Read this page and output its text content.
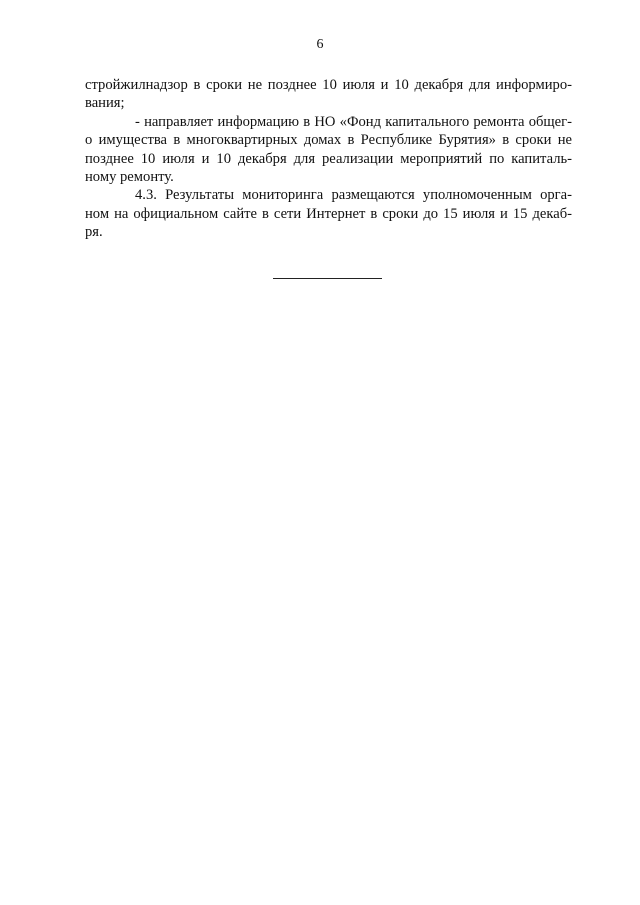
6
стройжилнадзор в сроки не позднее 10 июля и 10 декабря для информиро-
вания;
- направляет информацию в НО «Фонд капитального ремонта общег-
о имущества в многоквартирных домах в Республике Бурятия» в сроки не
позднее 10 июля и 10 декабря для реализации мероприятий по капиталь-
ному ремонту.
4.3. Результаты мониторинга размещаются уполномоченным орга-
ном на официальном сайте в сети Интернет в сроки до 15 июля и 15 декаб-
ря.
